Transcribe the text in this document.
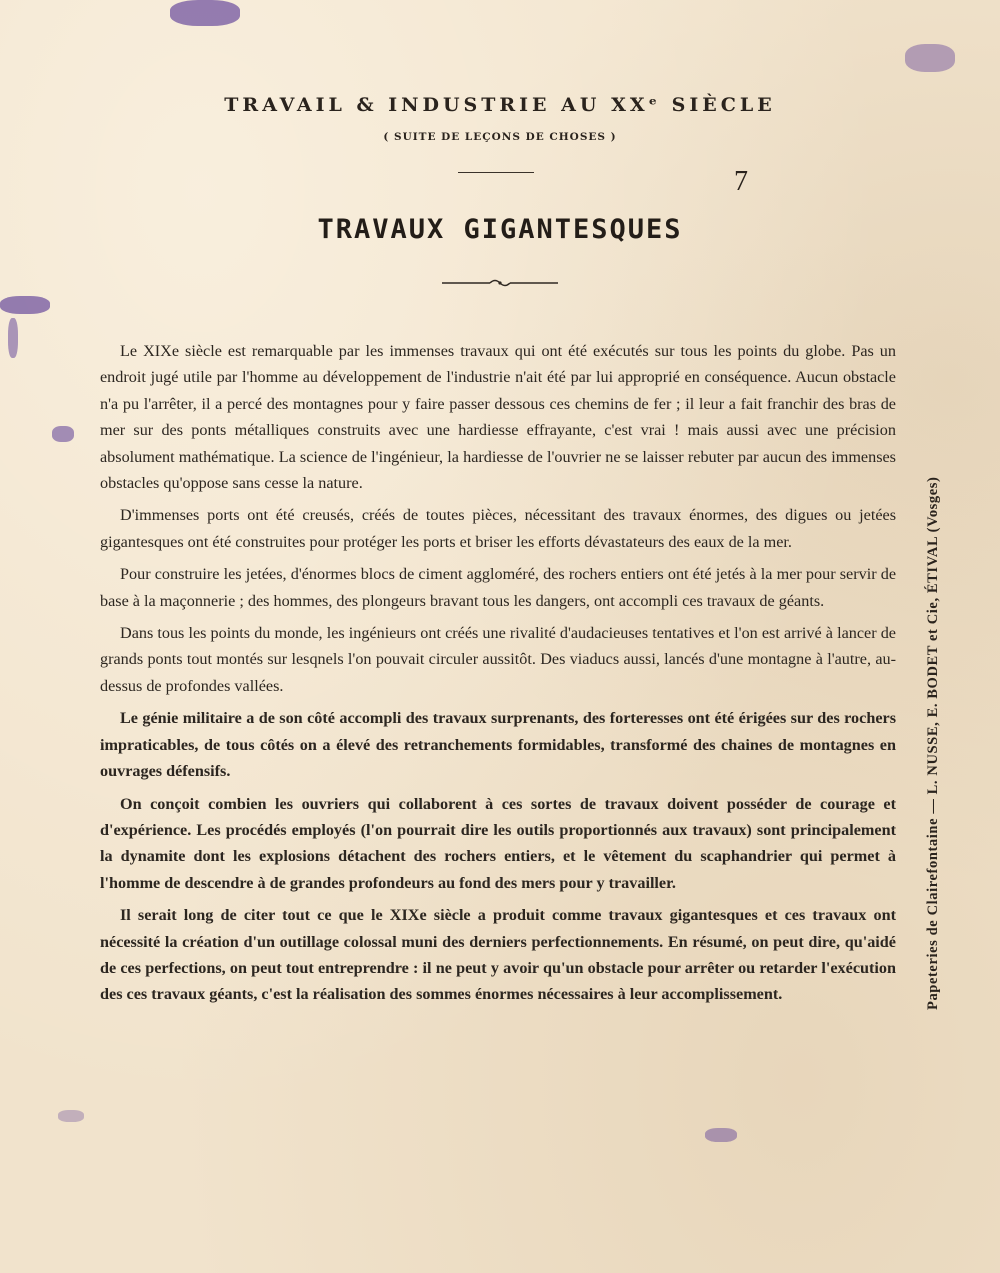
TRAVAIL & INDUSTRIE AU XXᵉ SIÈCLE
( SUITE DE LEÇONS DE CHOSES )
7
TRAVAUX GIGANTESQUES

Le XIXe siècle est remarquable par les immenses travaux qui ont été exécutés sur tous les points du globe. Pas un endroit jugé utile par l'homme au développement de l'industrie n'ait été par lui approprié en conséquence. Aucun obstacle n'a pu l'arrêter, il a percé des montagnes pour y faire passer dessous ces chemins de fer ; il leur a fait franchir des bras de mer sur des ponts métalliques construits avec une hardiesse effrayante, c'est vrai ! mais aussi avec une précision absolument mathématique. La science de l'ingénieur, la hardiesse de l'ouvrier ne se laisser rebuter par aucun des immenses obstacles qu'oppose sans cesse la nature.

D'immenses ports ont été creusés, créés de toutes pièces, nécessitant des travaux énormes, des digues ou jetées gigantesques ont été construites pour protéger les ports et briser les efforts dévastateurs des eaux de la mer.

Pour construire les jetées, d'énormes blocs de ciment aggloméré, des rochers entiers ont été jetés à la mer pour servir de base à la maçonnerie ; des hommes, des plongeurs bravant tous les dangers, ont accompli ces travaux de géants.

Dans tous les points du monde, les ingénieurs ont créés une rivalité d'audacieuses tentatives et l'on est arrivé à lancer de grands ponts tout montés sur lesqnels l'on pouvait circuler aussitôt. Des viaducs aussi, lancés d'une montagne à l'autre, au-dessus de profondes vallées.

Le génie militaire a de son côté accompli des travaux surprenants, des forteresses ont été érigées sur des rochers impraticables, de tous côtés on a élevé des retranchements formidables, transformé des chaines de montagnes en ouvrages défensifs.

On conçoit combien les ouvriers qui collaborent à ces sortes de travaux doivent posséder de courage et d'expérience. Les procédés employés (l'on pourrait dire les outils proportionnés aux travaux) sont principalement la dynamite dont les explosions détachent des rochers entiers, et le vêtement du scaphandrier qui permet à l'homme de descendre à de grandes profondeurs au fond des mers pour y travailler.

Il serait long de citer tout ce que le XIXe siècle a produit comme travaux gigantesques et ces travaux ont nécessité la création d'un outillage colossal muni des derniers perfectionnements. En résumé, on peut dire, qu'aidé de ces perfections, on peut tout entreprendre : il ne peut y avoir qu'un obstacle pour arrêter ou retarder l'exécution des ces travaux géants, c'est la réalisation des sommes énormes nécessaires à leur accomplissement.	Papeteries de Clairefontaine — L. NUSSE, E. BODET et Cie, ÉTIVAL (Vosges)
